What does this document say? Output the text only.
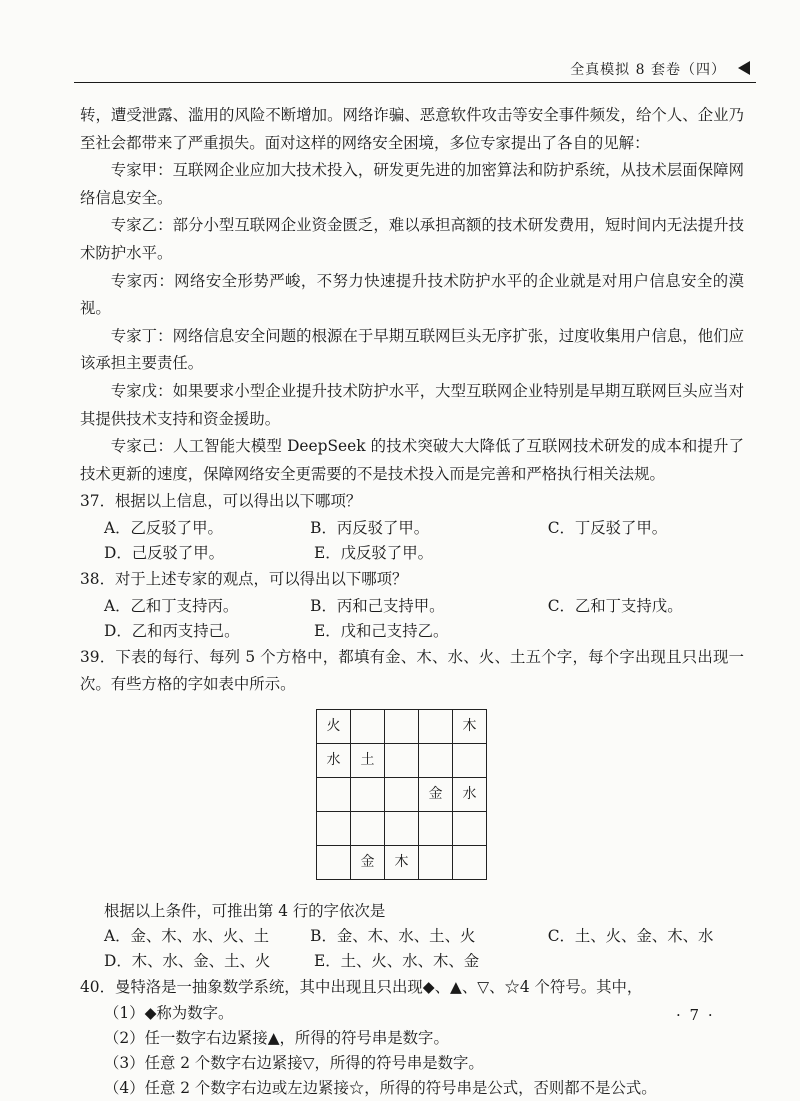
全真模拟 8 套卷（四）
转，遭受泄露、滥用的风险不断增加。网络诈骗、恶意软件攻击等安全事件频发，给个人、企业乃至社会都带来了严重损失。面对这样的网络安全困境，多位专家提出了各自的见解：
专家甲：互联网企业应加大技术投入，研发更先进的加密算法和防护系统，从技术层面保障网络信息安全。
专家乙：部分小型互联网企业资金匮乏，难以承担高额的技术研发费用，短时间内无法提升技术防护水平。
专家丙：网络安全形势严峻，不努力快速提升技术防护水平的企业就是对用户信息安全的漠视。
专家丁：网络信息安全问题的根源在于早期互联网巨头无序扩张，过度收集用户信息，他们应该承担主要责任。
专家戊：如果要求小型企业提升技术防护水平，大型互联网企业特别是早期互联网巨头应当对其提供技术支持和资金援助。
专家己：人工智能大模型 DeepSeek 的技术突破大大降低了互联网技术研发的成本和提升了技术更新的速度，保障网络安全更需要的不是技术投入而是完善和严格执行相关法规。
37．根据以上信息，可以得出以下哪项？
A．乙反驳了甲。	B．丙反驳了甲。	C．丁反驳了甲。
D．己反驳了甲。	E．戊反驳了甲。
38．对于上述专家的观点，可以得出以下哪项？
A．乙和丁支持丙。	B．丙和己支持甲。	C．乙和丁支持戊。
D．乙和丙支持己。	E．戊和己支持乙。
39．下表的每行、每列 5 个方格中，都填有金、木、水、火、土五个字，每个字出现且只出现一次。有些方格的字如表中所示。
火				木
水	土			
			金	水

	金	木		
根据以上条件，可推出第 4 行的字依次是
A．金、木、水、火、土	B．金、木、水、土、火	C．土、火、金、木、水
D．木、水、金、土、火	E．土、火、水、木、金
40．曼特洛是一抽象数学系统，其中出现且只出现◆、▲、▽、☆4 个符号。其中，
（1）◆称为数字。
（2）任一数字右边紧接▲，所得的符号串是数字。
（3）任意 2 个数字右边紧接▽，所得的符号串是数字。
（4）任意 2 个数字右边或左边紧接☆，所得的符号串是公式，否则都不是公式。
· 7 ·
